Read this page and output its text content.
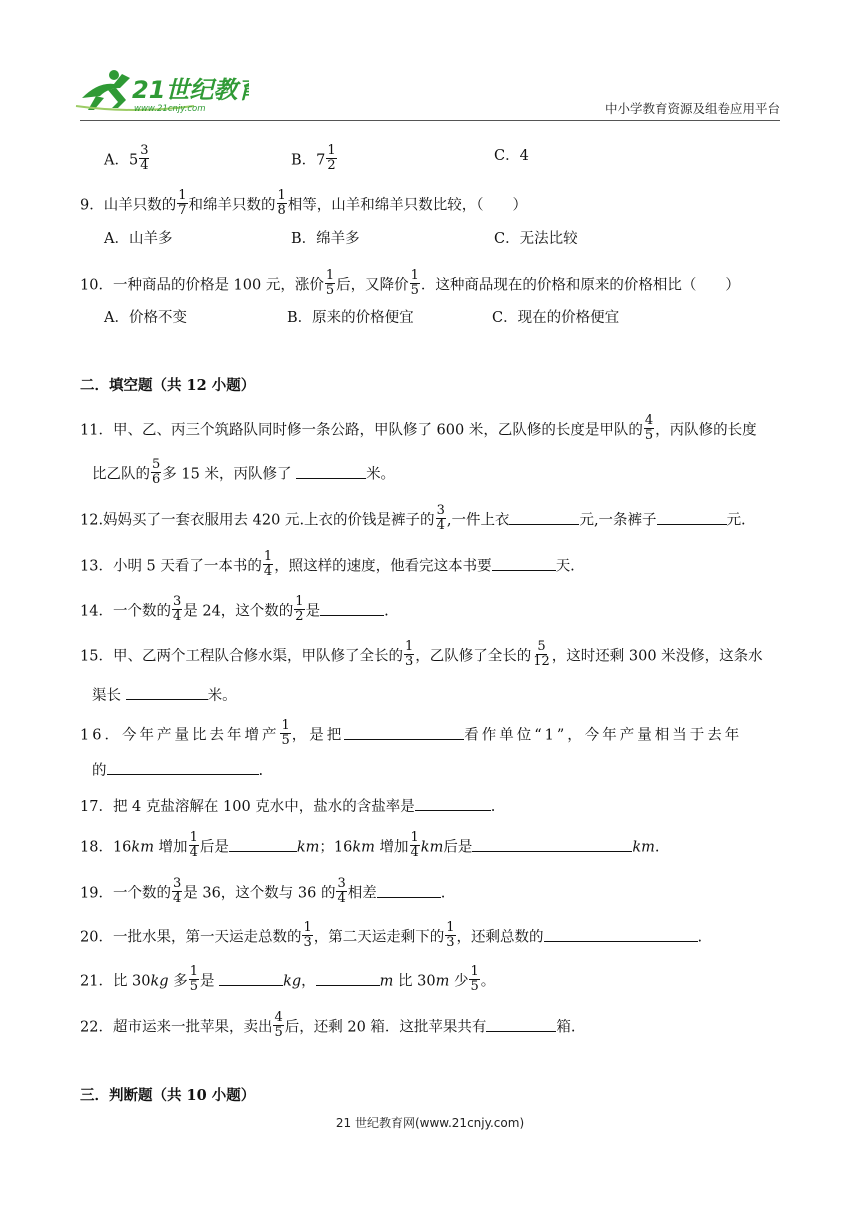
21世纪教育
www.21cnjy.com	中小学教育资源及组卷应用平台
A．$5 \frac{3}{4}$	B．$7 \frac{1}{2}$	C．4
9．山羊只数的 $\frac{1}{7}$ 和绵羊只数的 $\frac{1}{8}$ 相等，山羊和绵羊只数比较，（　　）
A．山羊多	B．绵羊多	C．无法比较
10．一种商品的价格是 100 元，涨价 $\frac{1}{5}$ 后，又降价 $\frac{1}{5}$ ．这种商品现在的价格和原来的价格相比（　　）
A．价格不变	B．原来的价格便宜	C．现在的价格便宜
二．填空题（共 12 小题）
11．甲、乙、丙三个筑路队同时修一条公路，甲队修了 600 米，乙队修的长度是甲队的 $\frac{4}{5}$ ，丙队修的长度
比乙队的 $\frac{5}{6}$ 多 15 米，丙队修了	米。
12.妈妈买了一套衣服用去 420 元.上衣的价钱是裤子的 $\frac{3}{4}$ ,一件上衣	元,一条裤子	元.
13．小明 5 天看了一本书的 $\frac{1}{4}$ ，照这样的速度，他看完这本书要	天.
14．一个数的 $\frac{3}{4}$ 是 24，这个数的 $\frac{1}{2}$ 是	.
15．甲、乙两个工程队合修水渠，甲队修了全长的 $\frac{1}{3}$ ，乙队修了全长的 $\frac{5}{12}$ ，这时还剩 300 米没修，这条水
渠长	米。
16．今年产量比去年增产 $\frac{1}{5}$ ，是把	看作单位“1”，今年产量相当于去年
的	.
17．把 4 克盐溶解在 100 克水中，盐水的含盐率是	.
18．16km 增加 $\frac{1}{4}$ 后是	km；16km 增加 $\frac{1}{4}$ km后是	km.
19．一个数的 $\frac{3}{4}$ 是 36，这个数与 36 的 $\frac{3}{4}$ 相差	.
20．一批水果，第一天运走总数的 $\frac{1}{3}$ ，第二天运走剩下的 $\frac{1}{3}$ ，还剩总数的	.
21．比 30kg 多 $\frac{1}{5}$ 是	kg，	m 比 30m 少 $\frac{1}{5}$ 。
22．超市运来一批苹果，卖出 $\frac{4}{5}$ 后，还剩 20 箱．这批苹果共有	箱.
三．判断题（共 10 小题）
21 世纪教育网(www.21cnjy.com)
